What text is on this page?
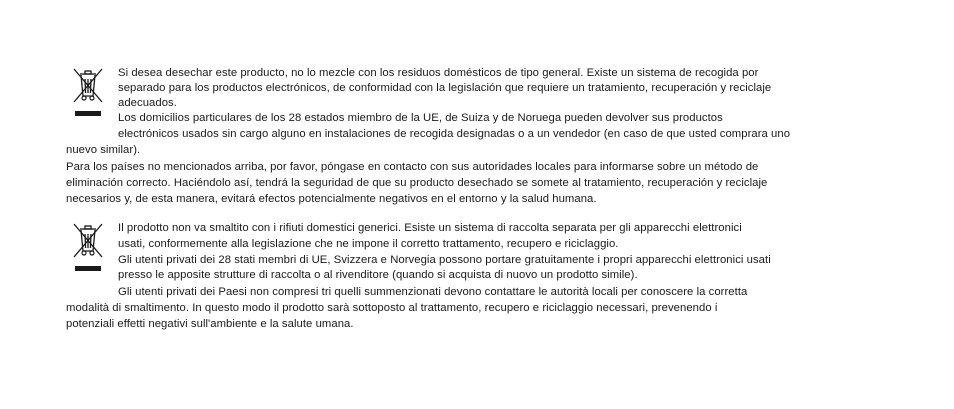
Si desea desechar este producto, no lo mezcle con los residuos domésticos de tipo general. Existe un sistema de recogida por
separado para los productos electrónicos, de conformidad con la legislación que requiere un tratamiento, recuperación y reciclaje
adecuados.
Los domicilios particulares de los 28 estados miembro de la UE, de Suiza y de Noruega pueden devolver sus productos
electrónicos usados sin cargo alguno en instalaciones de recogida designadas o a un vendedor (en caso de que usted comprara uno
nuevo similar).
Para los países no mencionados arriba, por favor, póngase en contacto con sus autoridades locales para informarse sobre un método de
eliminación correcto. Haciéndolo así, tendrá la seguridad de que su producto desechado se somete al tratamiento, recuperación y reciclaje
necesarios y, de esta manera, evitará efectos potencialmente negativos en el entorno y la salud humana.
Il prodotto non va smaltito con i rifiuti domestici generici. Esiste un sistema di raccolta separata per gli apparecchi elettronici
usati, conformemente alla legislazione che ne impone il corretto trattamento, recupero e riciclaggio.
Gli utenti privati dei 28 stati membri di UE, Svizzera e Norvegia possono portare gratuitamente i propri apparecchi elettronici usati
presso le apposite strutture di raccolta o al rivenditore (quando si acquista di nuovo un prodotto simile).
Gli utenti privati dei Paesi non compresi tri quelli summenzionati devono contattare le autorità locali per conoscere la corretta
modalità di smaltimento. In questo modo il prodotto sarà sottoposto al trattamento, recupero e riciclaggio necessari, prevenendo i
potenziali effetti negativi sull'ambiente e la salute umana.
